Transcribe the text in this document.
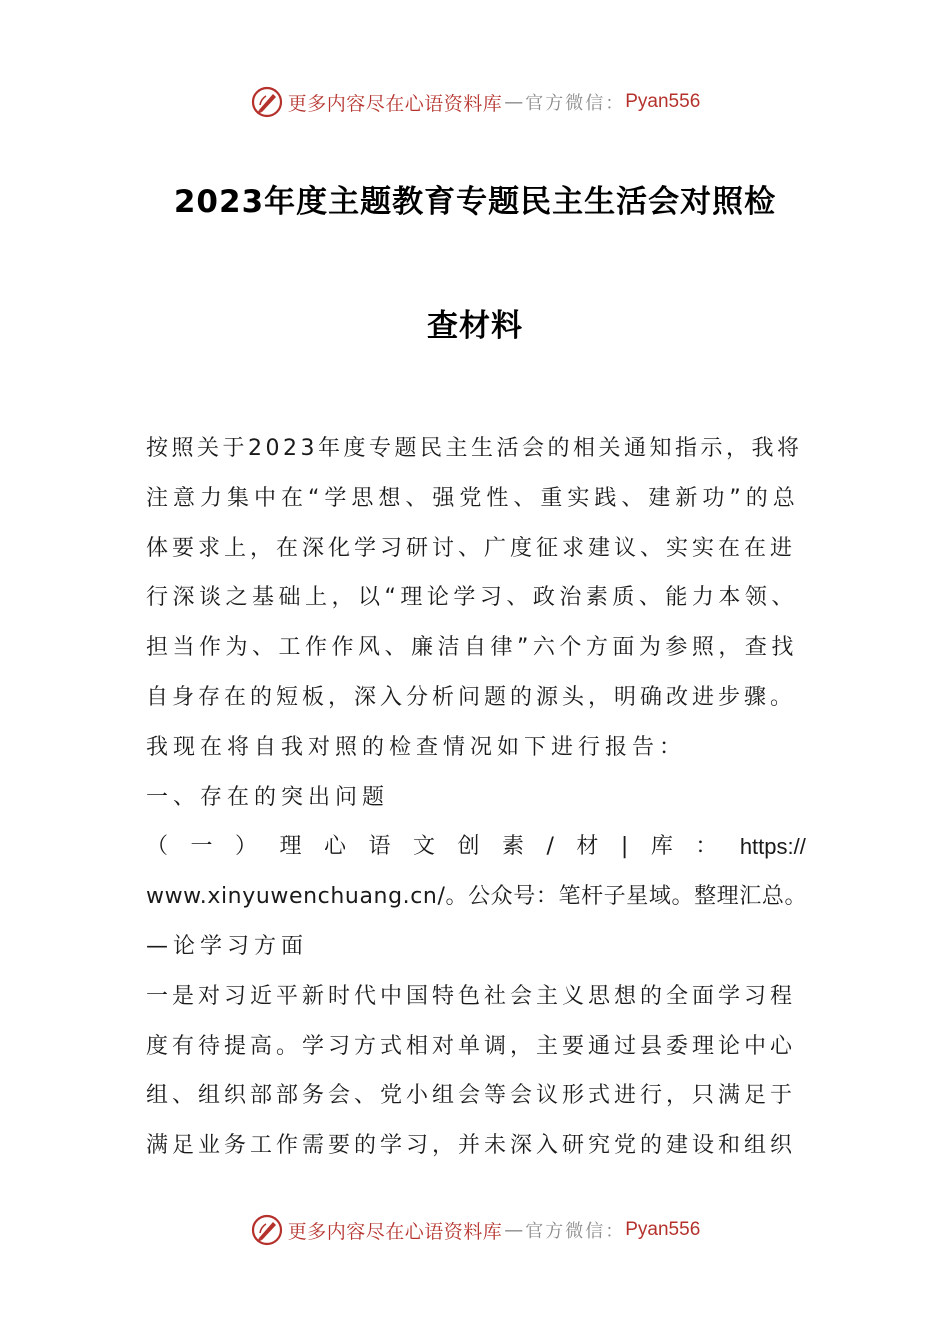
更多内容尽在心语资料库 — 官方微信： Pyan556
2023年度主题教育专题民主生活会对照检
查材料
按照关于2023年度专题民主生活会的相关通知指示，我将
注意力集中在“学思想、强党性、重实践、建新功”的总
体要求上，在深化学习研讨、广度征求建议、实实在在进
行深谈之基础上，以“理论学习、政治素质、能力本领、
担当作为、工作作风、廉洁自律”六个方面为参照，查找
自身存在的短板，深入分析问题的源头，明确改进步骤。
我现在将自我对照的检查情况如下进行报告：
一、存在的突出问题
（ 一 ） 理 心 语 文 创 素 / 材 | 库 ： https://
www.xinyuwenchuang.cn/。公众号：笔杆子星域。整理汇总。
—论学习方面
一是对习近平新时代中国特色社会主义思想的全面学习程
度有待提高。学习方式相对单调，主要通过县委理论中心
组、组织部部务会、党小组会等会议形式进行，只满足于
满足业务工作需要的学习，并未深入研究党的建设和组织
更多内容尽在心语资料库 — 官方微信： Pyan556
